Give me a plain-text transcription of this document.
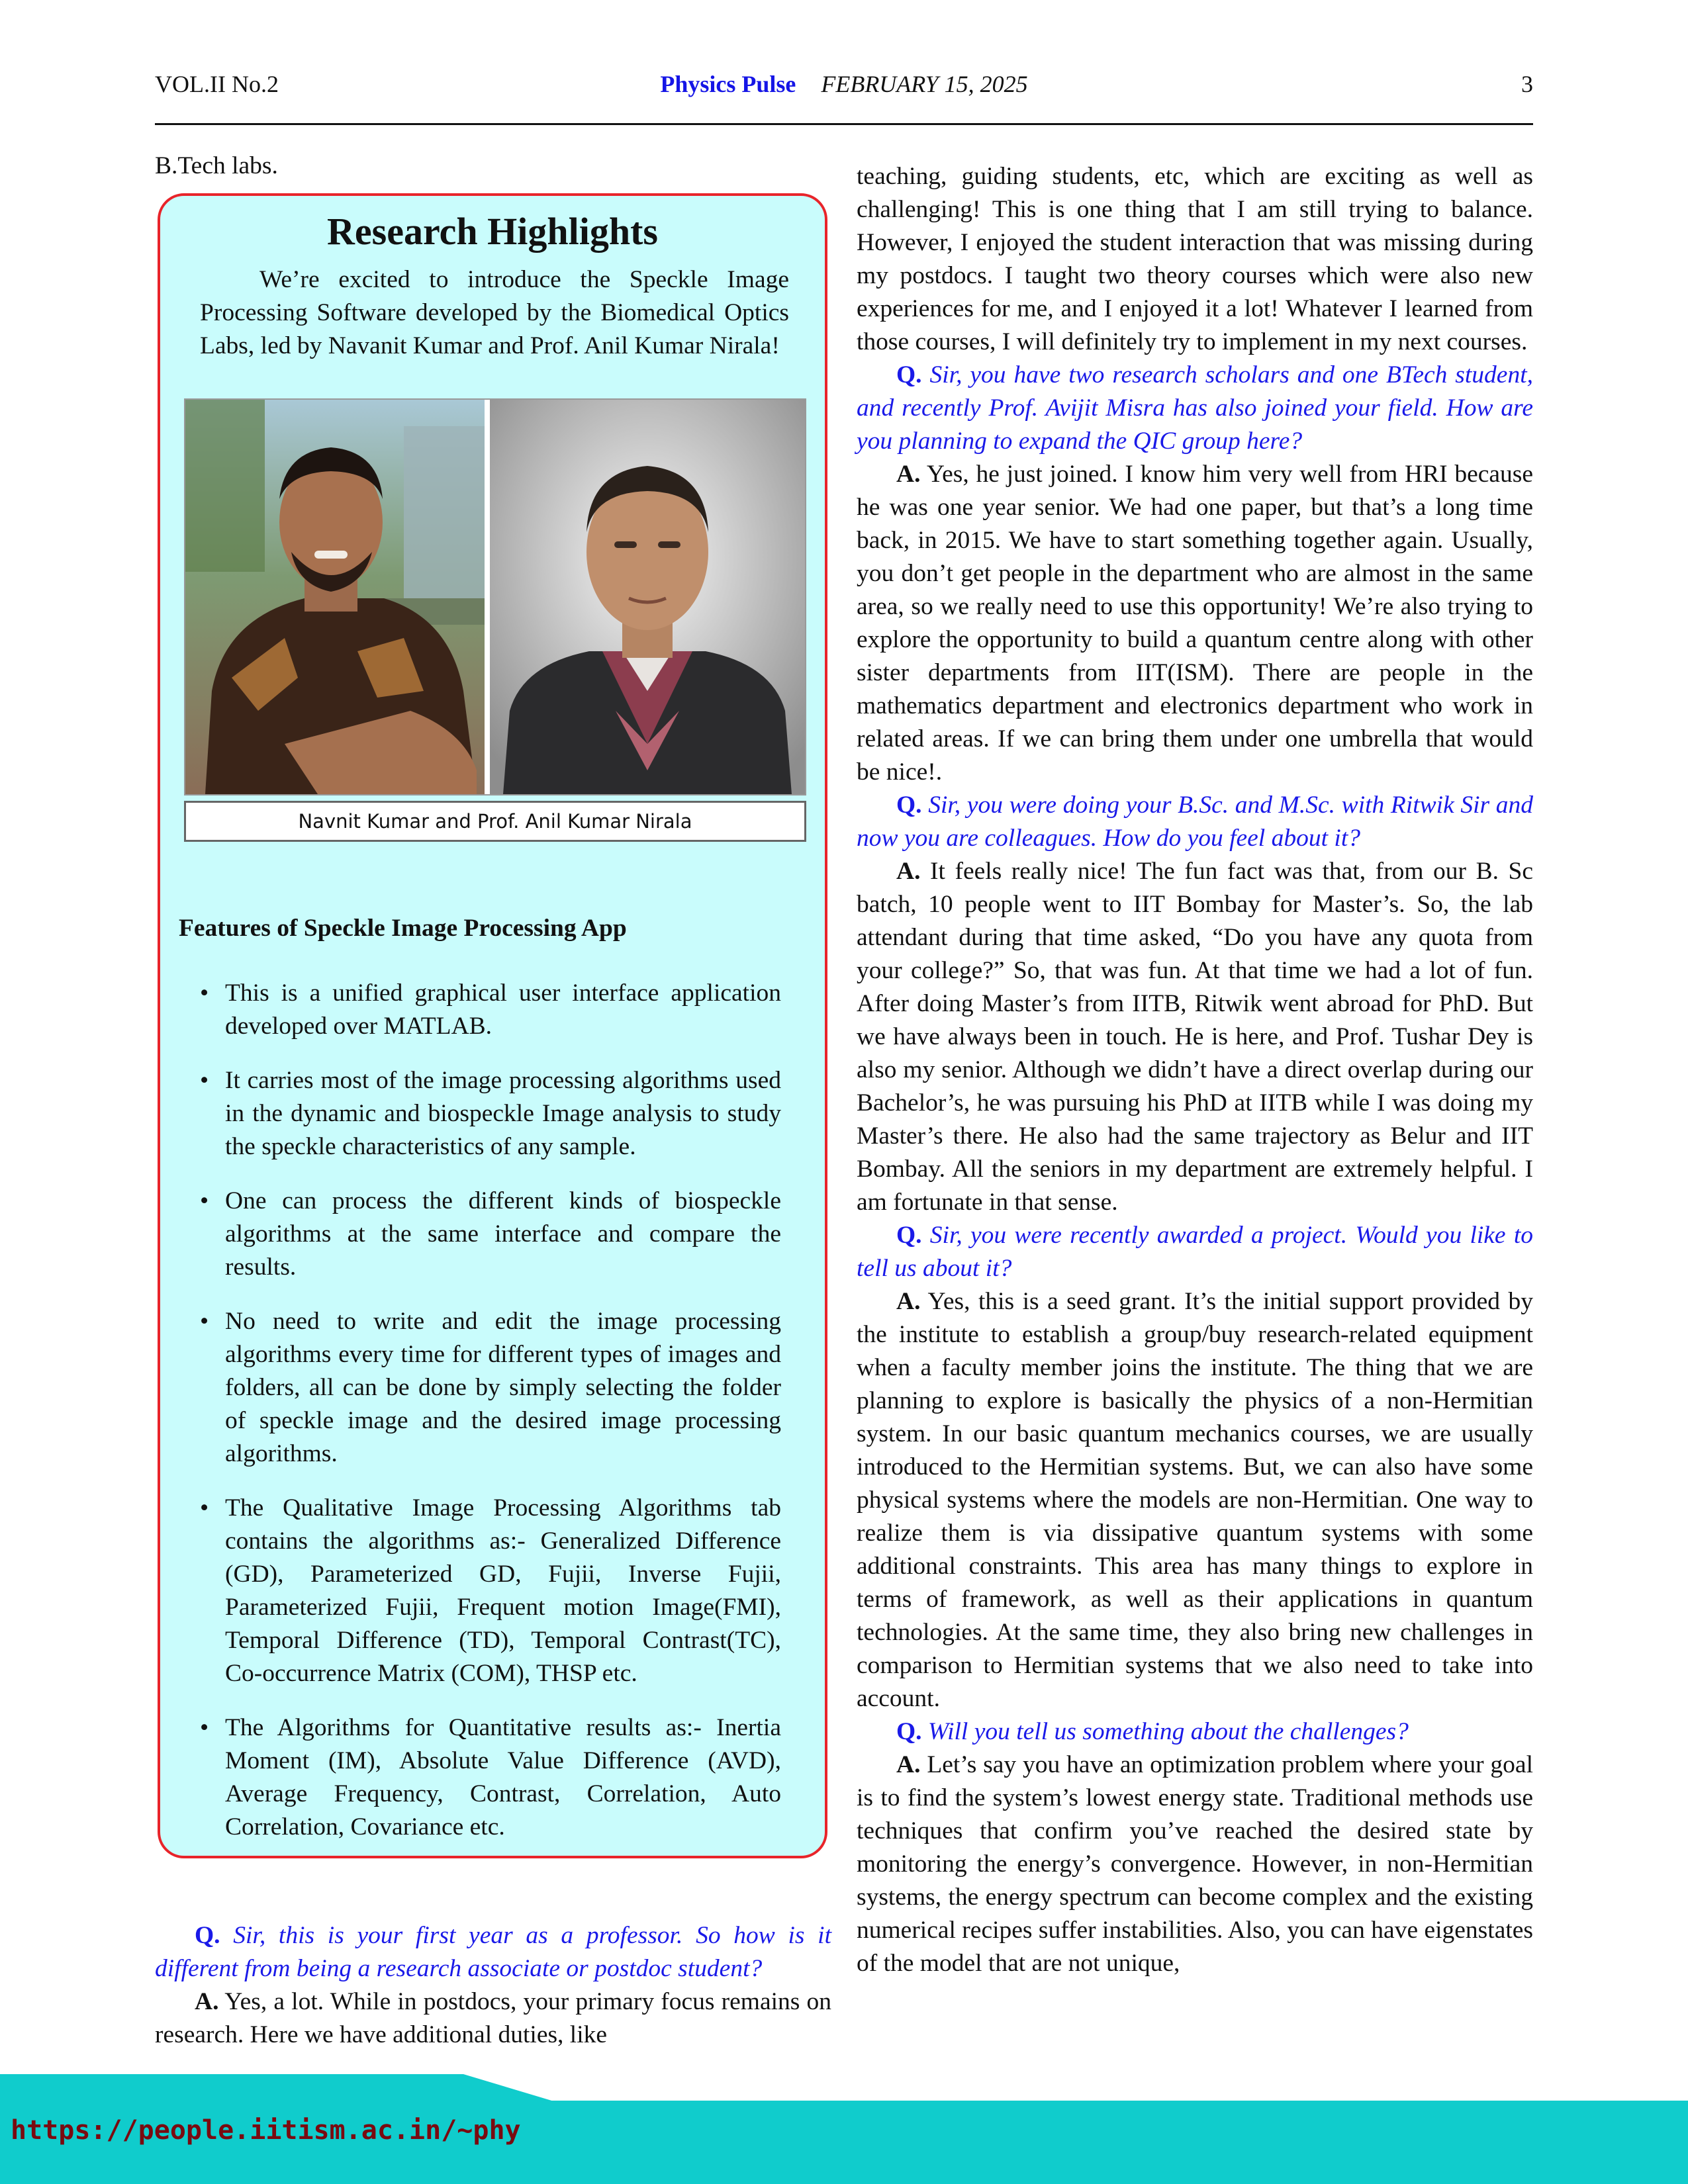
VOL.II No.2	Physics Pulse FEBRUARY 15, 2025	3

B.Tech labs.

Research Highlights
We’re excited to introduce the Speckle Image Processing Software developed by the Biomedical Optics Labs, led by Navanit Kumar and Prof. Anil Kumar Nirala!
Navnit Kumar and Prof. Anil Kumar Nirala
Features of Speckle Image Processing App
• This is a unified graphical user interface application developed over MATLAB.
• It carries most of the image processing algorithms used in the dynamic and biospeckle Image analysis to study the speckle characteristics of any sample.
• One can process the different kinds of biospeckle algorithms at the same interface and compare the results.
• No need to write and edit the image processing algorithms every time for different types of images and folders, all can be done by simply selecting the folder of speckle image and the desired image processing algorithms.
• The Qualitative Image Processing Algorithms tab contains the algorithms as:- Generalized Difference (GD), Parameterized GD, Fujii, Inverse Fujii, Parameterized Fujii, Frequent motion Image(FMI), Temporal Difference (TD), Temporal Contrast(TC), Co-occurrence Matrix (COM), THSP etc.
• The Algorithms for Quantitative results as:- Inertia Moment (IM), Absolute Value Difference (AVD), Average Frequency, Contrast, Correlation, Auto Correlation, Covariance etc.

Q. Sir, this is your first year as a professor. So how is it different from being a research associate or postdoc student?

A. Yes, a lot. While in postdocs, your primary focus remains on research. Here we have additional duties, like

teaching, guiding students, etc, which are exciting as well as challenging! This is one thing that I am still trying to balance. However, I enjoyed the student interaction that was missing during my postdocs. I taught two theory courses which were also new experiences for me, and I enjoyed it a lot! Whatever I learned from those courses, I will definitely try to implement in my next courses.

Q. Sir, you have two research scholars and one BTech student, and recently Prof. Avijit Misra has also joined your field. How are you planning to expand the QIC group here?

A. Yes, he just joined. I know him very well from HRI because he was one year senior. We had one paper, but that’s a long time back, in 2015. We have to start something together again. Usually, you don’t get people in the department who are almost in the same area, so we really need to use this opportunity! We’re also trying to explore the opportunity to build a quantum centre along with other sister departments from IIT(ISM). There are people in the mathematics department and electronics department who work in related areas. If we can bring them under one umbrella that would be nice!.

Q. Sir, you were doing your B.Sc. and M.Sc. with Ritwik Sir and now you are colleagues. How do you feel about it?

A. It feels really nice! The fun fact was that, from our B. Sc batch, 10 people went to IIT Bombay for Master’s. So, the lab attendant during that time asked, “Do you have any quota from your college?” So, that was fun. At that time we had a lot of fun. After doing Master’s from IITB, Ritwik went abroad for PhD. But we have always been in touch. He is here, and Prof. Tushar Dey is also my senior. Although we didn’t have a direct overlap during our Bachelor’s, he was pursuing his PhD at IITB while I was doing my Master’s there. He also had the same trajectory as Belur and IIT Bombay. All the seniors in my department are extremely helpful. I am fortunate in that sense.

Q. Sir, you were recently awarded a project. Would you like to tell us about it?

A. Yes, this is a seed grant. It’s the initial support provided by the institute to establish a group/buy research-related equipment when a faculty member joins the institute. The thing that we are planning to explore is basically the physics of a non-Hermitian system. In our basic quantum mechanics courses, we are usually introduced to the Hermitian systems. But, we can also have some physical systems where the models are non-Hermitian. One way to realize them is via dissipative quantum systems with some additional constraints. This area has many things to explore in terms of framework, as well as their applications in quantum technologies. At the same time, they also bring new challenges in comparison to Hermitian systems that we also need to take into account.

Q. Will you tell us something about the challenges?

A. Let’s say you have an optimization problem where your goal is to find the system’s lowest energy state. Traditional methods use techniques that confirm you’ve reached the desired state by monitoring the energy’s convergence. However, in non-Hermitian systems, the energy spectrum can become complex and the existing numerical recipes suffer instabilities. Also, you can have eigenstates of the model that are not unique,

https://people.iitism.ac.in/~phy
